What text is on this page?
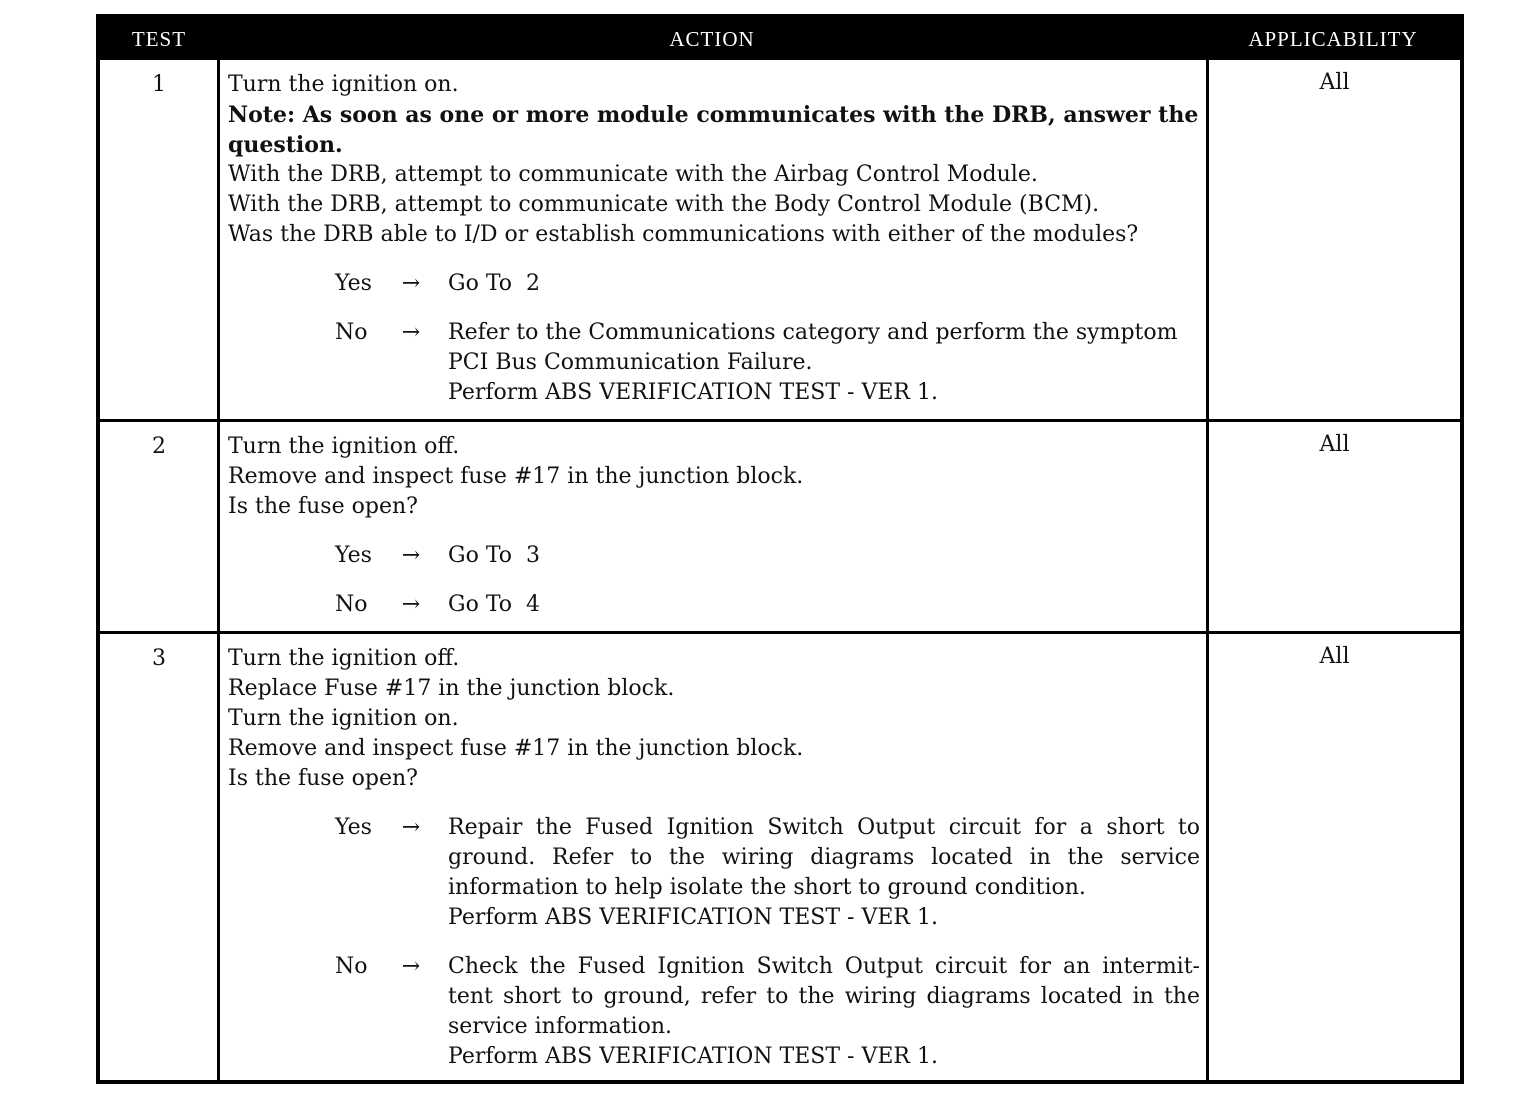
TEST	ACTION	APPLICABILITY
1	Turn the ignition on.
Note: As soon as one or more module communicates with the DRB, answer the question.
With the DRB, attempt to communicate with the Airbag Control Module.
With the DRB, attempt to communicate with the Body Control Module (BCM).
Was the DRB able to I/D or establish communications with either of the modules?
Yes	→ Go To 2
No	→ Refer to the Communications category and perform the symptom
PCI Bus Communication Failure.
Perform ABS VERIFICATION TEST - VER 1.
All
2	Turn the ignition off.
Remove and inspect fuse #17 in the junction block.
Is the fuse open?
Yes	→ Go To 3
No	→ Go To 4
All
3	Turn the ignition off.
Replace Fuse #17 in the junction block.
Turn the ignition on.
Remove and inspect fuse #17 in the junction block.
Is the fuse open?
Yes	→ Repair the Fused Ignition Switch Output circuit for a short to ground. Refer to the wiring diagrams located in the service information to help isolate the short to ground condition.
Perform ABS VERIFICATION TEST - VER 1.
No	→ Check the Fused Ignition Switch Output circuit for an intermit-tent short to ground, refer to the wiring diagrams located in the service information.
Perform ABS VERIFICATION TEST - VER 1.
All
